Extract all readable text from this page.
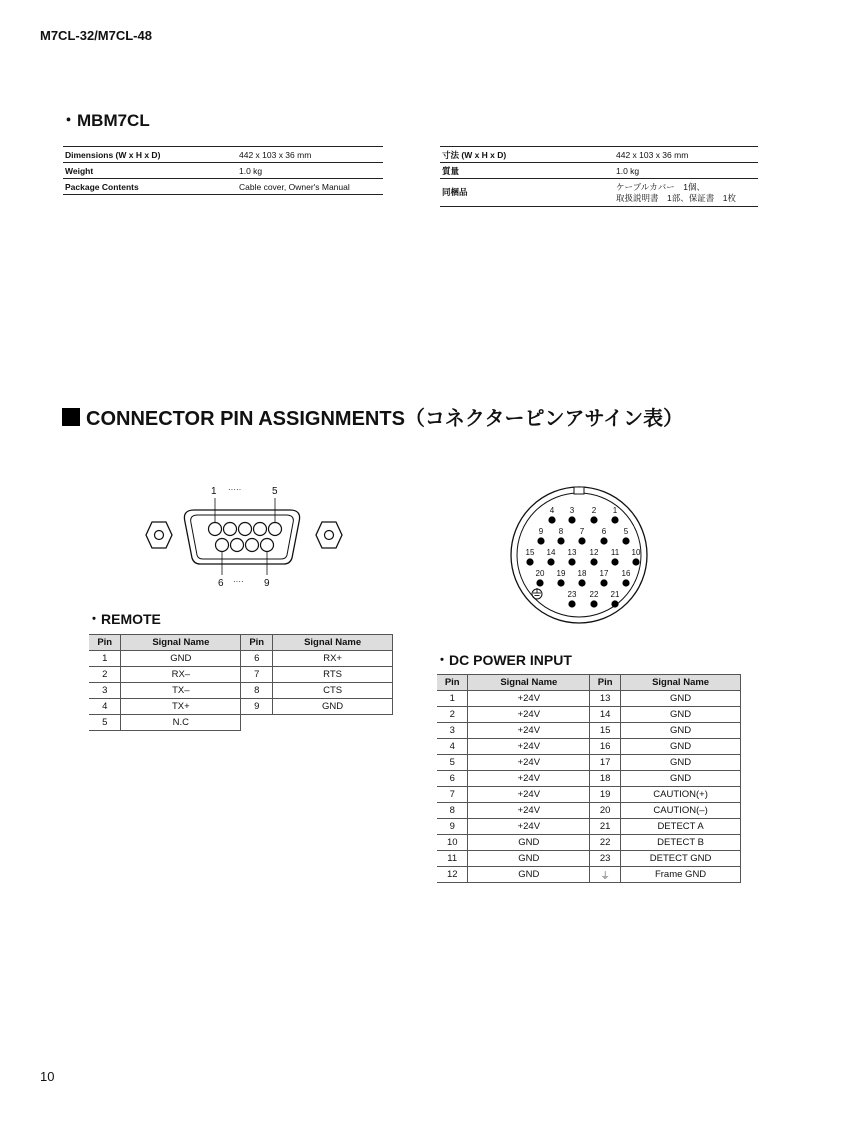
M7CL-32/M7CL-48
・MBM7CL
Dimensions (W x H x D)	442 x 103 x 36 mm
Weight	1.0 kg
Package Contents	Cable cover, Owner's Manual
寸法 (W x H x D)	442 x 103 x 36 mm
質量	1.0 kg
同梱品	ケーブルカバー　1個、
取扱説明書　1部、保証書　1枚
CONNECTOR PIN ASSIGNMENTS（コネクターピンアサイン表）
1 ·····	5
6 ···· 9
4 3 2 1
9 8 7 6 5
15 14 13 12 11 10
20 19 18 17 16
23 22 21
・REMOTE
Pin	Signal Name	Pin	Signal Name
1	GND	6	RX+
2	RX–	7	RTS
3	TX–	8	CTS
4	TX+	9	GND
5	N.C		
・DC POWER INPUT
Pin	Signal Name	Pin	Signal Name
1	+24V	13	GND
2	+24V	14	GND
3	+24V	15	GND
4	+24V	16	GND
5	+24V	17	GND
6	+24V	18	GND
7	+24V	19	CAUTION(+)
8	+24V	20	CAUTION(–)
9	+24V	21	DETECT A
10	GND	22	DETECT B
11	GND	23	DETECT GND
12	GND	⏚	Frame GND
10
